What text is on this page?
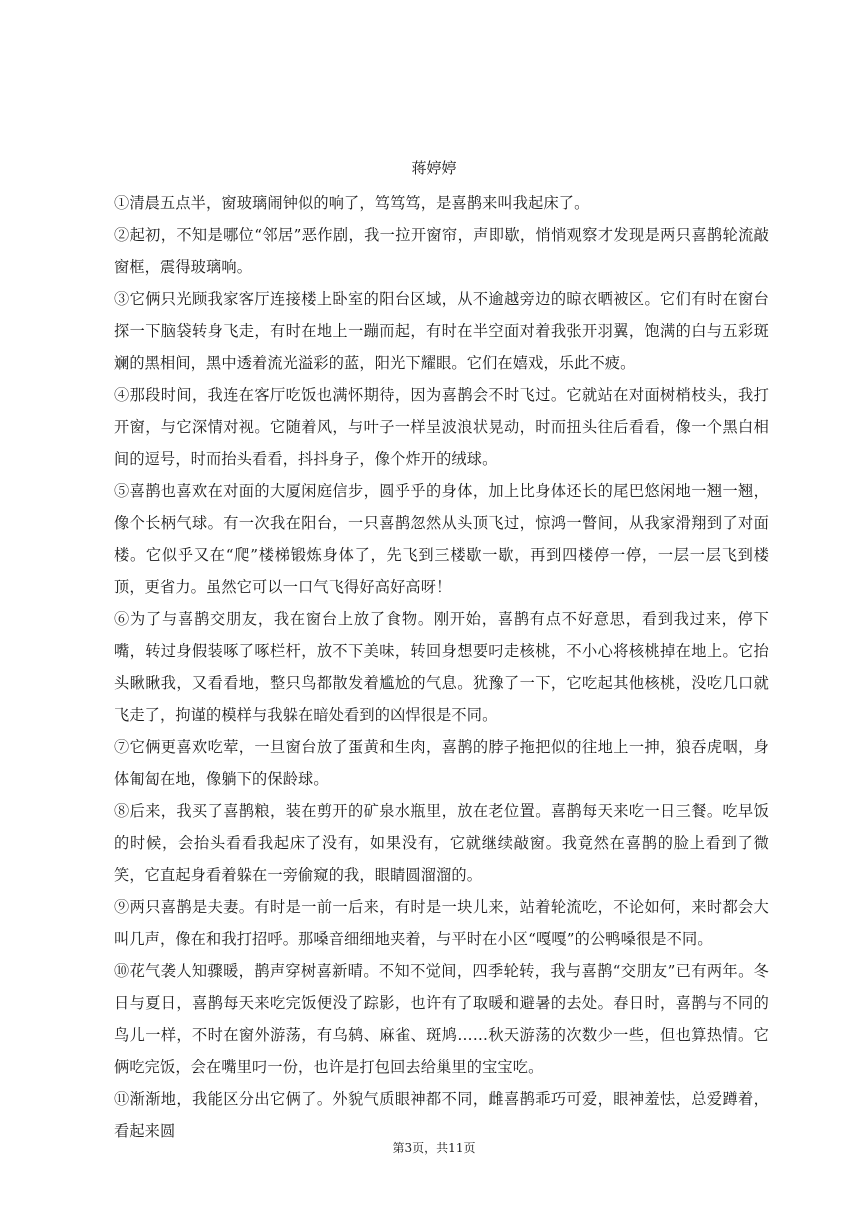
蒋婷婷

①清晨五点半，窗玻璃闹钟似的响了，笃笃笃，是喜鹊来叫我起床了。

②起初，不知是哪位“邻居”恶作剧，我一拉开窗帘，声即歇，悄悄观察才发现是两只喜鹊轮流敲窗框，震得玻璃响。

③它俩只光顾我家客厅连接楼上卧室的阳台区域，从不逾越旁边的晾衣晒被区。它们有时在窗台探一下脑袋转身飞走，有时在地上一蹦而起，有时在半空面对着我张开羽翼，饱满的白与五彩斑斓的黑相间，黑中透着流光溢彩的蓝，阳光下耀眼。它们在嬉戏，乐此不疲。

④那段时间，我连在客厅吃饭也满怀期待，因为喜鹊会不时飞过。它就站在对面树梢枝头，我打开窗，与它深情对视。它随着风，与叶子一样呈波浪状晃动，时而扭头往后看看，像一个黑白相间的逗号，时而抬头看看，抖抖身子，像个炸开的绒球。

⑤喜鹊也喜欢在对面的大厦闲庭信步，圆乎乎的身体，加上比身体还长的尾巴悠闲地一翘一翘，像个长柄气球。有一次我在阳台，一只喜鹊忽然从头顶飞过，惊鸿一瞥间，从我家滑翔到了对面楼。它似乎又在“爬”楼梯锻炼身体了，先飞到三楼歇一歇，再到四楼停一停，一层一层飞到楼顶，更省力。虽然它可以一口气飞得好高好高呀！

⑥为了与喜鹊交朋友，我在窗台上放了食物。刚开始，喜鹊有点不好意思，看到我过来，停下嘴，转过身假装啄了啄栏杆，放不下美味，转回身想要叼走核桃，不小心将核桃掉在地上。它抬头瞅瞅我，又看看地，整只鸟都散发着尴尬的气息。犹豫了一下，它吃起其他核桃，没吃几口就飞走了，拘谨的模样与我躲在暗处看到的凶悍很是不同。

⑦它俩更喜欢吃荤，一旦窗台放了蛋黄和生肉，喜鹊的脖子拖把似的往地上一抻，狼吞虎咽，身体匍匐在地，像躺下的保龄球。

⑧后来，我买了喜鹊粮，装在剪开的矿泉水瓶里，放在老位置。喜鹊每天来吃一日三餐。吃早饭的时候，会抬头看看我起床了没有，如果没有，它就继续敲窗。我竟然在喜鹊的脸上看到了微笑，它直起身看着躲在一旁偷窥的我，眼睛圆溜溜的。

⑨两只喜鹊是夫妻。有时是一前一后来，有时是一块儿来，站着轮流吃，不论如何，来时都会大叫几声，像在和我打招呼。那嗓音细细地夹着，与平时在小区“嘎嘎”的公鸭嗓很是不同。

⑩花气袭人知骤暖，鹊声穿树喜新晴。不知不觉间，四季轮转，我与喜鹊“交朋友”已有两年。冬日与夏日，喜鹊每天来吃完饭便没了踪影，也许有了取暖和避暑的去处。春日时，喜鹊与不同的鸟儿一样，不时在窗外游荡，有乌鸫、麻雀、斑鸠……秋天游荡的次数少一些，但也算热情。它俩吃完饭，会在嘴里叼一份，也许是打包回去给巢里的宝宝吃。

⑪渐渐地，我能区分出它俩了。外貌气质眼神都不同，雌喜鹊乖巧可爱，眼神羞怯，总爱蹲着，看起来圆

第3页，共11页
